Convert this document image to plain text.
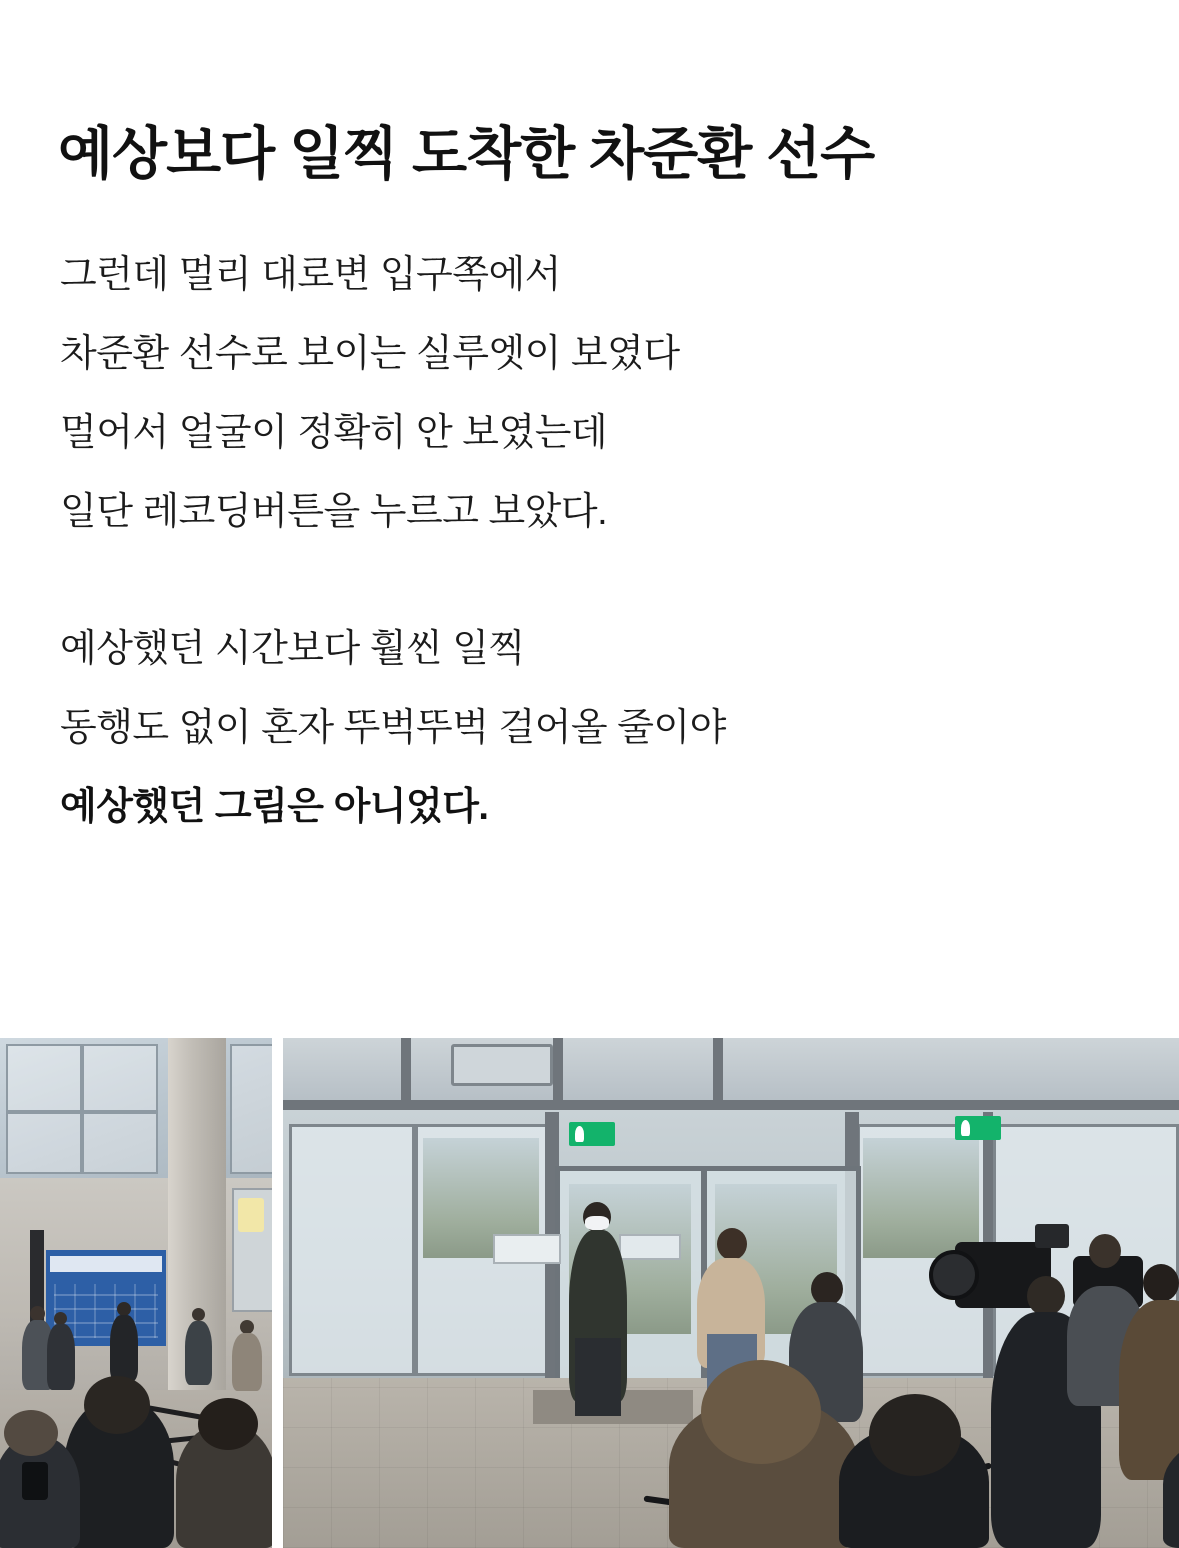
예상보다 일찍 도착한 차준환 선수
그런데 멀리 대로변 입구쪽에서
차준환 선수로 보이는 실루엣이 보였다
멀어서 얼굴이 정확히 안 보였는데
일단 레코딩버튼을 누르고 보았다.
예상했던 시간보다 훨씬 일찍
동행도 없이 혼자 뚜벅뚜벅 걸어올 줄이야
예상했던 그림은 아니었다.
